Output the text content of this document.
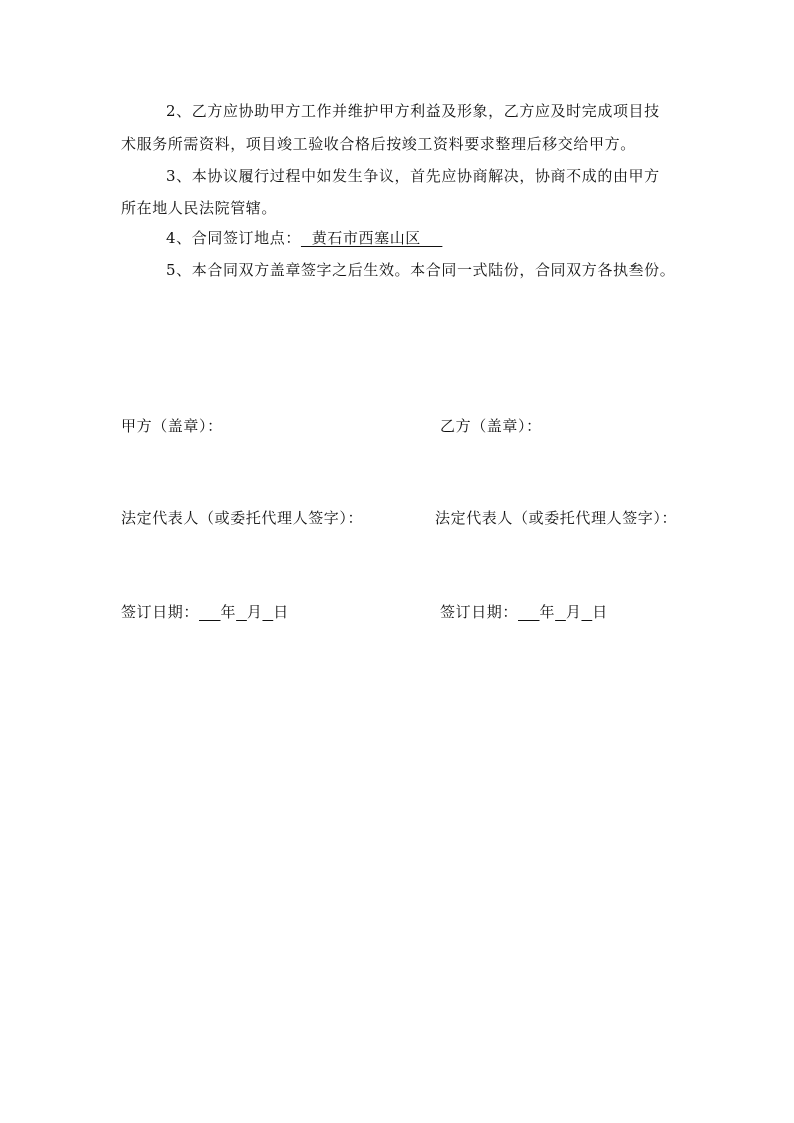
2、乙方应协助甲方工作并维护甲方利益及形象，乙方应及时完成项目技
术服务所需资料，项目竣工验收合格后按竣工资料要求整理后移交给甲方。
3、本协议履行过程中如发生争议，首先应协商解决，协商不成的由甲方
所在地人民法院管辖。
4、合同签订地点：  黄石市西塞山区
5、本合同双方盖章签字之后生效。本合同一式陆份，合同双方各执叁份。
甲方（盖章）：
法定代表人（或委托代理人签字）：
签订日期： 年 月 日
乙方（盖章）：
法定代表人（或委托代理人签字）：
签订日期： 年 月 日
